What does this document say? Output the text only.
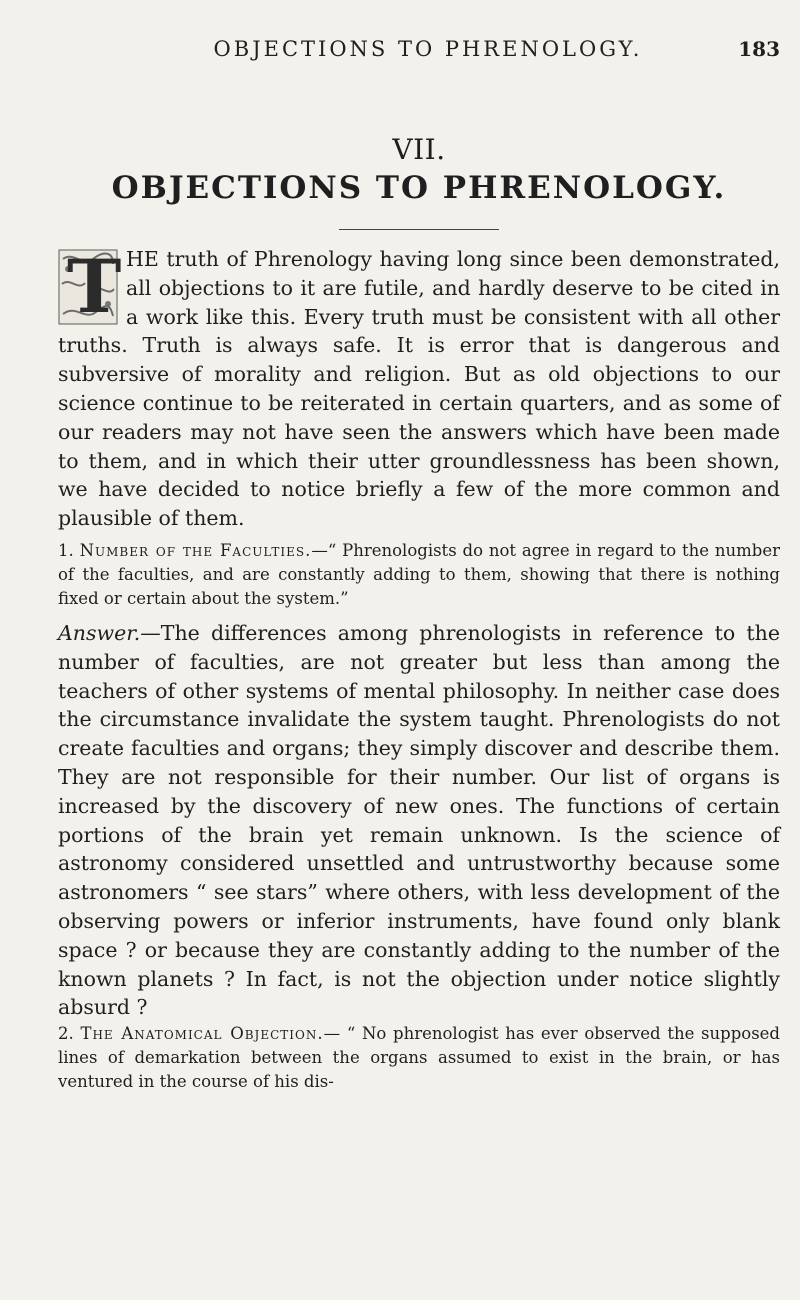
OBJECTIONS TO PHRENOLOGY.	183
VII.
OBJECTIONS TO PHRENOLOGY.
T HE truth of Phrenology having long since been demonstrated, all objections to it are futile, and hardly deserve to be cited in a work like this. Every truth must be consistent with all other truths. Truth is always safe. It is error that is dangerous and subversive of morality and religion. But as old objections to our science continue to be reiterated in certain quarters, and as some of our readers may not have seen the answers which have been made to them, and in which their utter groundlessness has been shown, we have decided to notice briefly a few of the more common and plausible of them.

1. Number of the Faculties.—“ Phrenologists do not agree in regard to the number of the faculties, and are constantly adding to them, showing that there is nothing fixed or certain about the system.”

Answer.—The differences among phrenologists in reference to the number of faculties, are not greater but less than among the teachers of other systems of mental philosophy. In neither case does the circumstance invalidate the system taught. Phrenologists do not create faculties and organs; they simply discover and describe them. They are not responsible for their number. Our list of organs is increased by the discovery of new ones. The functions of certain portions of the brain yet remain unknown. Is the science of astronomy considered unsettled and untrustworthy because some astronomers “ see stars” where others, with less development of the observing powers or inferior instruments, have found only blank space ? or because they are constantly adding to the number of the known planets ? In fact, is not the objection under notice slightly absurd ?

2. The Anatomical Objection.— “ No phrenologist has ever observed the supposed lines of demarkation between the organs assumed to exist in the brain, or has ventured in the course of his dis-
